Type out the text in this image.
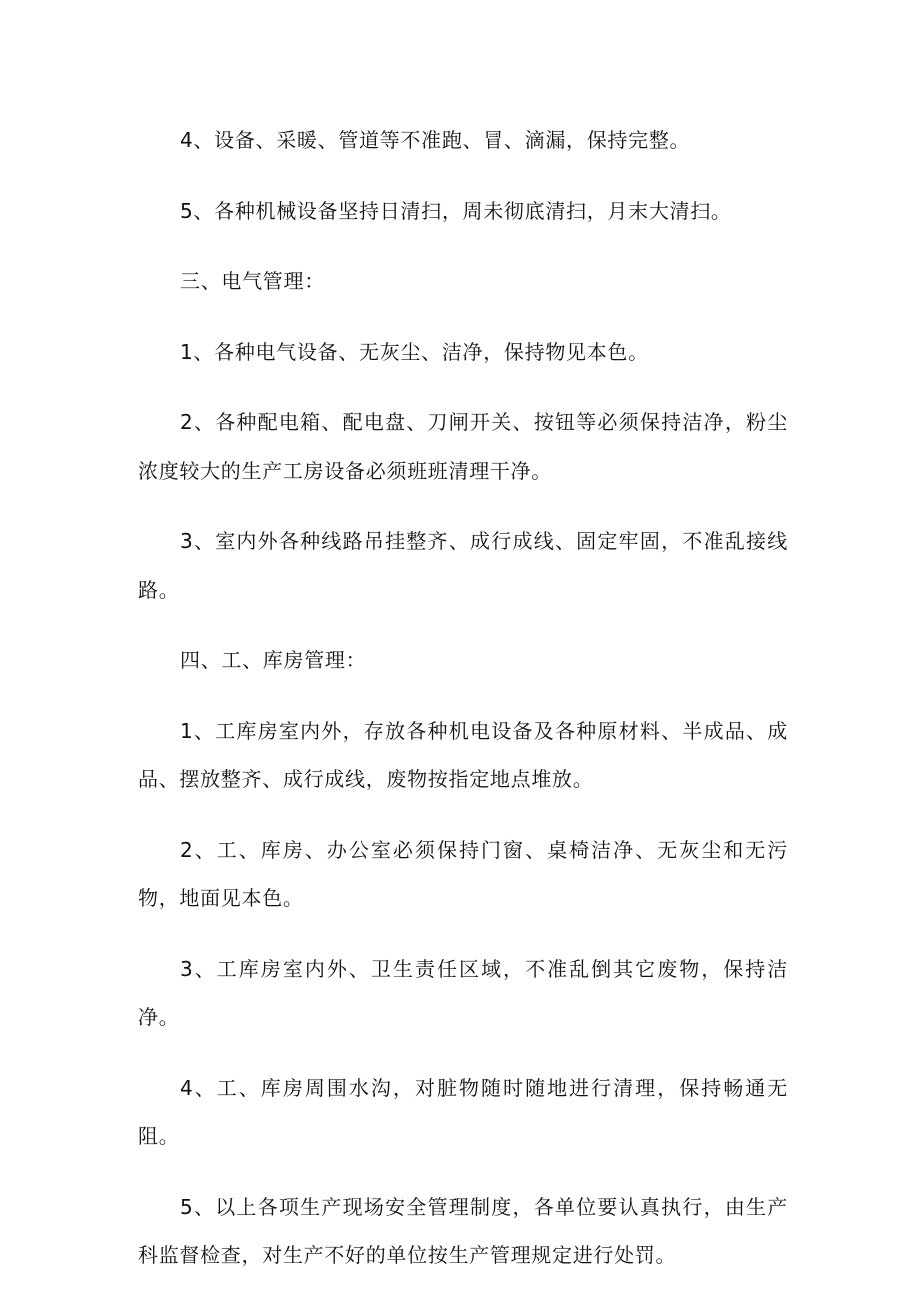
4、设备、采暖、管道等不准跑、冒、滴漏，保持完整。

5、各种机械设备坚持日清扫，周未彻底清扫，月末大清扫。

三、电气管理：

1、各种电气设备、无灰尘、洁净，保持物见本色。

2、各种配电箱、配电盘、刀闸开关、按钮等必须保持洁净，粉尘浓度较大的生产工房设备必须班班清理干净。

3、室内外各种线路吊挂整齐、成行成线、固定牢固，不准乱接线路。

四、工、库房管理：

1、工库房室内外，存放各种机电设备及各种原材料、半成品、成品、摆放整齐、成行成线，废物按指定地点堆放。

2、工、库房、办公室必须保持门窗、桌椅洁净、无灰尘和无污物，地面见本色。

3、工库房室内外、卫生责任区域，不准乱倒其它废物，保持洁净。

4、工、库房周围水沟，对脏物随时随地进行清理，保持畅通无阻。

5、以上各项生产现场安全管理制度，各单位要认真执行，由生产科监督检查，对生产不好的单位按生产管理规定进行处罚。
